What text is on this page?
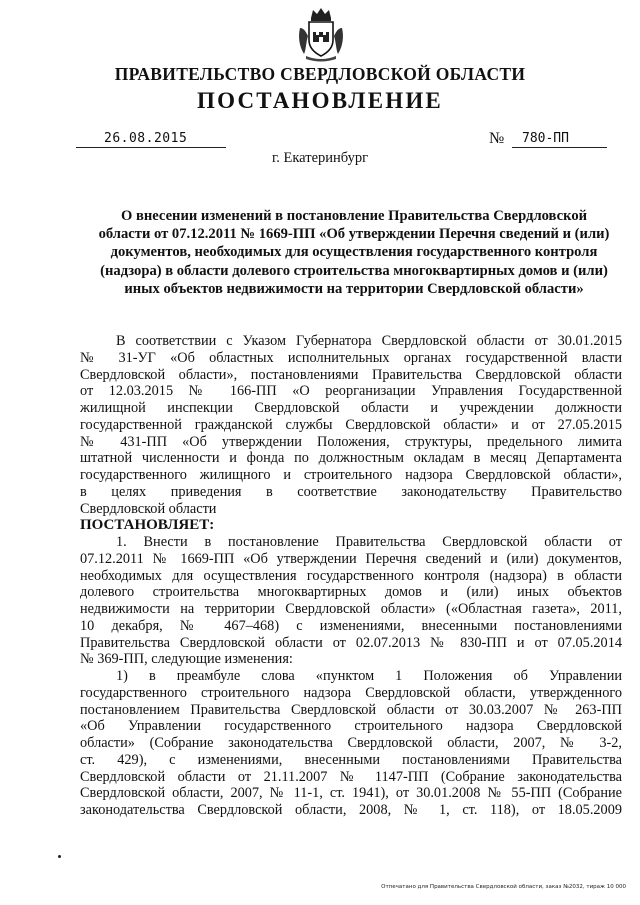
ПРАВИТЕЛЬСТВО СВЕРДЛОВСКОЙ ОБЛАСТИ
ПОСТАНОВЛЕНИЕ
26.08.2015	№	780-ПП
г. Екатеринбург
О внесении изменений в постановление Правительства Свердловской
области от 07.12.2011 № 1669-ПП «Об утверждении Перечня сведений и (или)
документов, необходимых для осуществления государственного контроля
(надзора) в области долевого строительства многоквартирных домов и (или)
иных объектов недвижимости на территории Свердловской области»
В соответствии с Указом Губернатора Свердловской области от 30.01.2015
№ 31-УГ «Об областных исполнительных органах государственной власти
Свердловской области», постановлениями Правительства Свердловской области
от 12.03.2015 № 166-ПП «О реорганизации Управления Государственной
жилищной инспекции Свердловской области и учреждении должности
государственной гражданской службы Свердловской области» и от 27.05.2015
№ 431-ПП «Об утверждении Положения, структуры, предельного лимита
штатной численности и фонда по должностным окладам в месяц Департамента
государственного жилищного и строительного надзора Свердловской области»,
в целях приведения в соответствие законодательству Правительство
Свердловской области
ПОСТАНОВЛЯЕТ:
1. Внести в постановление Правительства Свердловской области от
07.12.2011 № 1669-ПП «Об утверждении Перечня сведений и (или) документов,
необходимых для осуществления государственного контроля (надзора) в области
долевого строительства многоквартирных домов и (или) иных объектов
недвижимости на территории Свердловской области» («Областная газета», 2011,
10 декабря, № 467–468) с изменениями, внесенными постановлениями
Правительства Свердловской области от 02.07.2013 № 830-ПП и от 07.05.2014
№ 369-ПП, следующие изменения:
1) в преамбуле слова «пунктом 1 Положения об Управлении
государственного строительного надзора Свердловской области, утвержденного
постановлением Правительства Свердловской области от 30.03.2007 № 263-ПП
«Об Управлении государственного строительного надзора Свердловской
области» (Собрание законодательства Свердловской области, 2007, № 3-2,
ст. 429), с изменениями, внесенными постановлениями Правительства
Свердловской области от 21.11.2007 № 1147-ПП (Собрание законодательства
Свердловской области, 2007, № 11-1, ст. 1941), от 30.01.2008 № 55-ПП (Собрание
законодательства Свердловской области, 2008, № 1, ст. 118), от 18.05.2009
Отпечатано для Правительства Свердловской области, заказ №2032, тираж 10 000
